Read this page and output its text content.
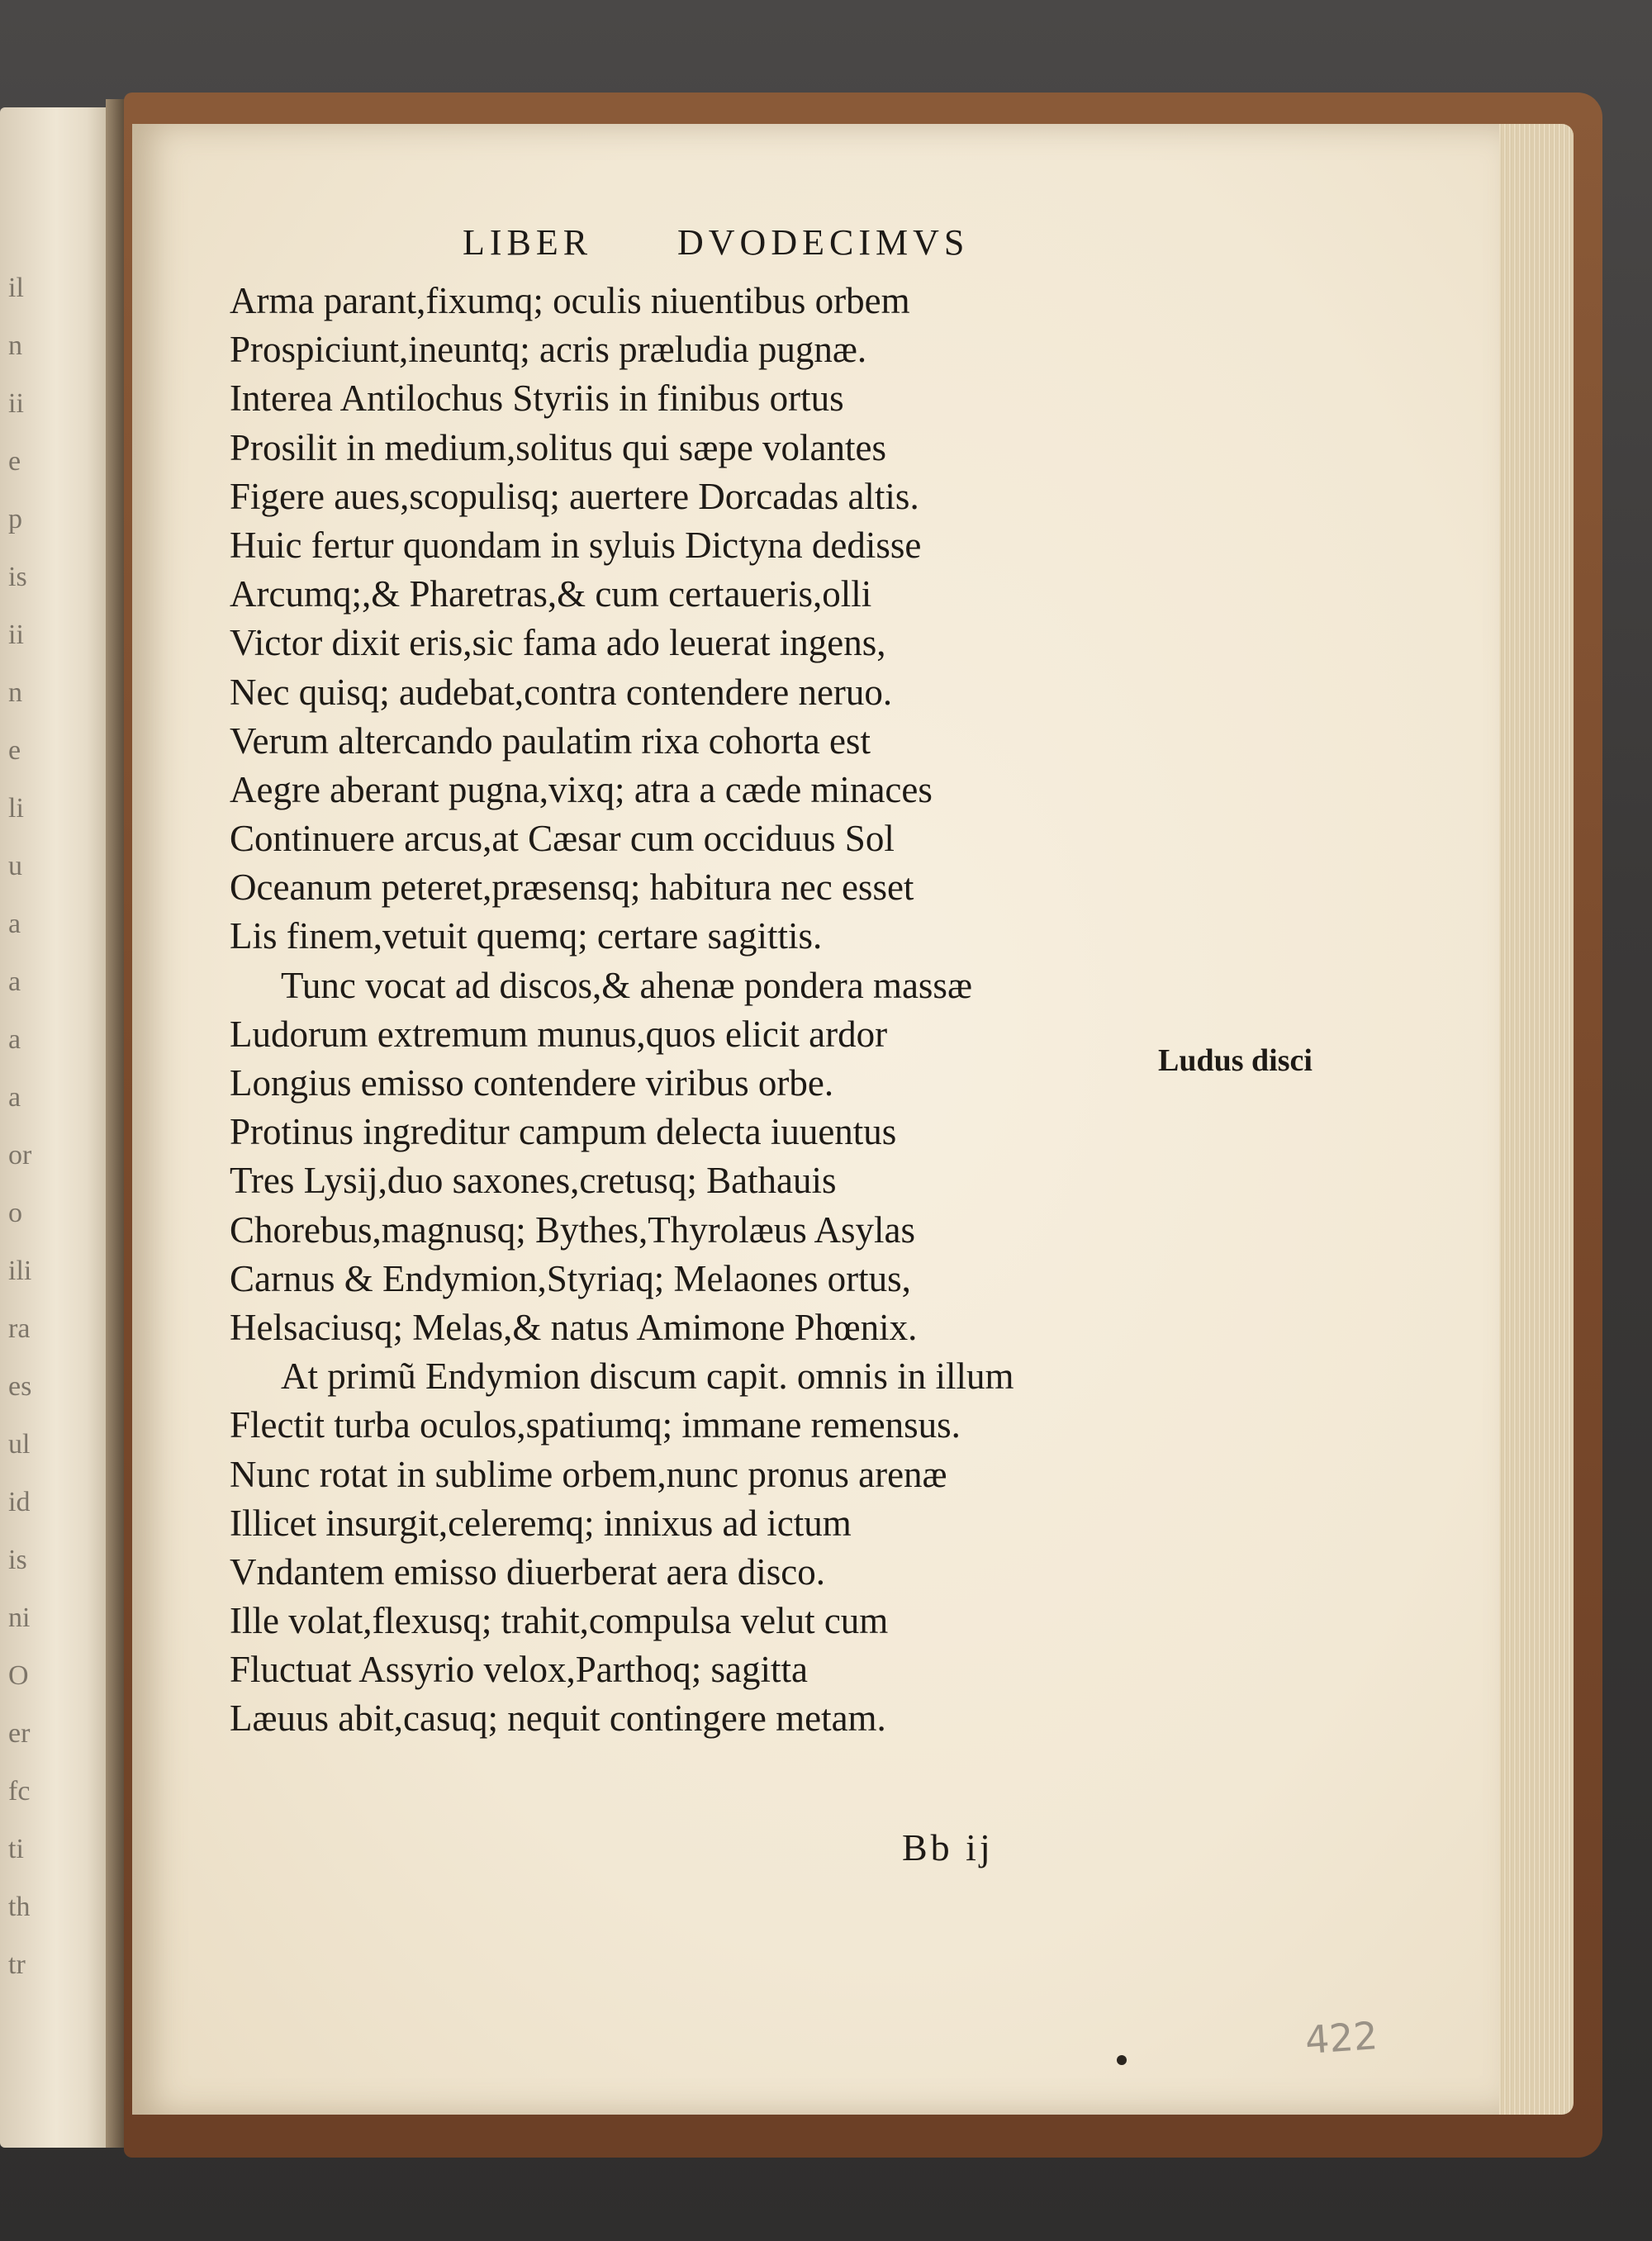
il
n
ii
e
p
is
ii
n
e
li
u
a
a
a
a
or
o
ili
ra
es
ul
id
is
ni
O
er
fc
ti
th
tr
LIBER DVODECIMVS
Arma parant,fixumq; oculis niuentibus orbem
Prospiciunt,ineuntq; acris præludia pugnæ.
Interea Antilochus Styriis in finibus ortus
Prosilit in medium,solitus qui sæpe volantes
Figere aues,scopulisq; auertere Dorcadas altis.
Huic fertur quondam in syluis Dictyna dedisse
Arcumq;,& Pharetras,& cum certaueris,olli
Victor dixit eris,sic fama ado leuerat ingens,
Nec quisq; audebat,contra contendere neruo.
Verum altercando paulatim rixa cohorta est
Aegre aberant pugna,vixq; atra a cæde minaces
Continuere arcus,at Cæsar cum occiduus Sol
Oceanum peteret,præsensq; habitura nec esset
Lis finem,vetuit quemq; certare sagittis.
Tunc vocat ad discos,& ahenæ pondera massæ
Ludorum extremum munus,quos elicit ardor
Longius emisso contendere viribus orbe.
Protinus ingreditur campum delecta iuuentus
Tres Lysij,duo saxones,cretusq; Bathauis
Chorebus,magnusq; Bythes,Thyrolæus Asylas
Carnus & Endymion,Styriaq; Melaones ortus,
Helsaciusq; Melas,& natus Amimone Phœnix.
At primũ Endymion discum capit. omnis in illum
Flectit turba oculos,spatiumq; immane remensus.
Nunc rotat in sublime orbem,nunc pronus arenæ
Illicet insurgit,celeremq; innixus ad ictum
Vndantem emisso diuerberat aera disco.
Ille volat,flexusq; trahit,compulsa velut cum
Fluctuat Assyrio velox,Parthoq; sagitta
Læuus abit,casuq; nequit contingere metam.
Ludus disci
Bb ij
422
